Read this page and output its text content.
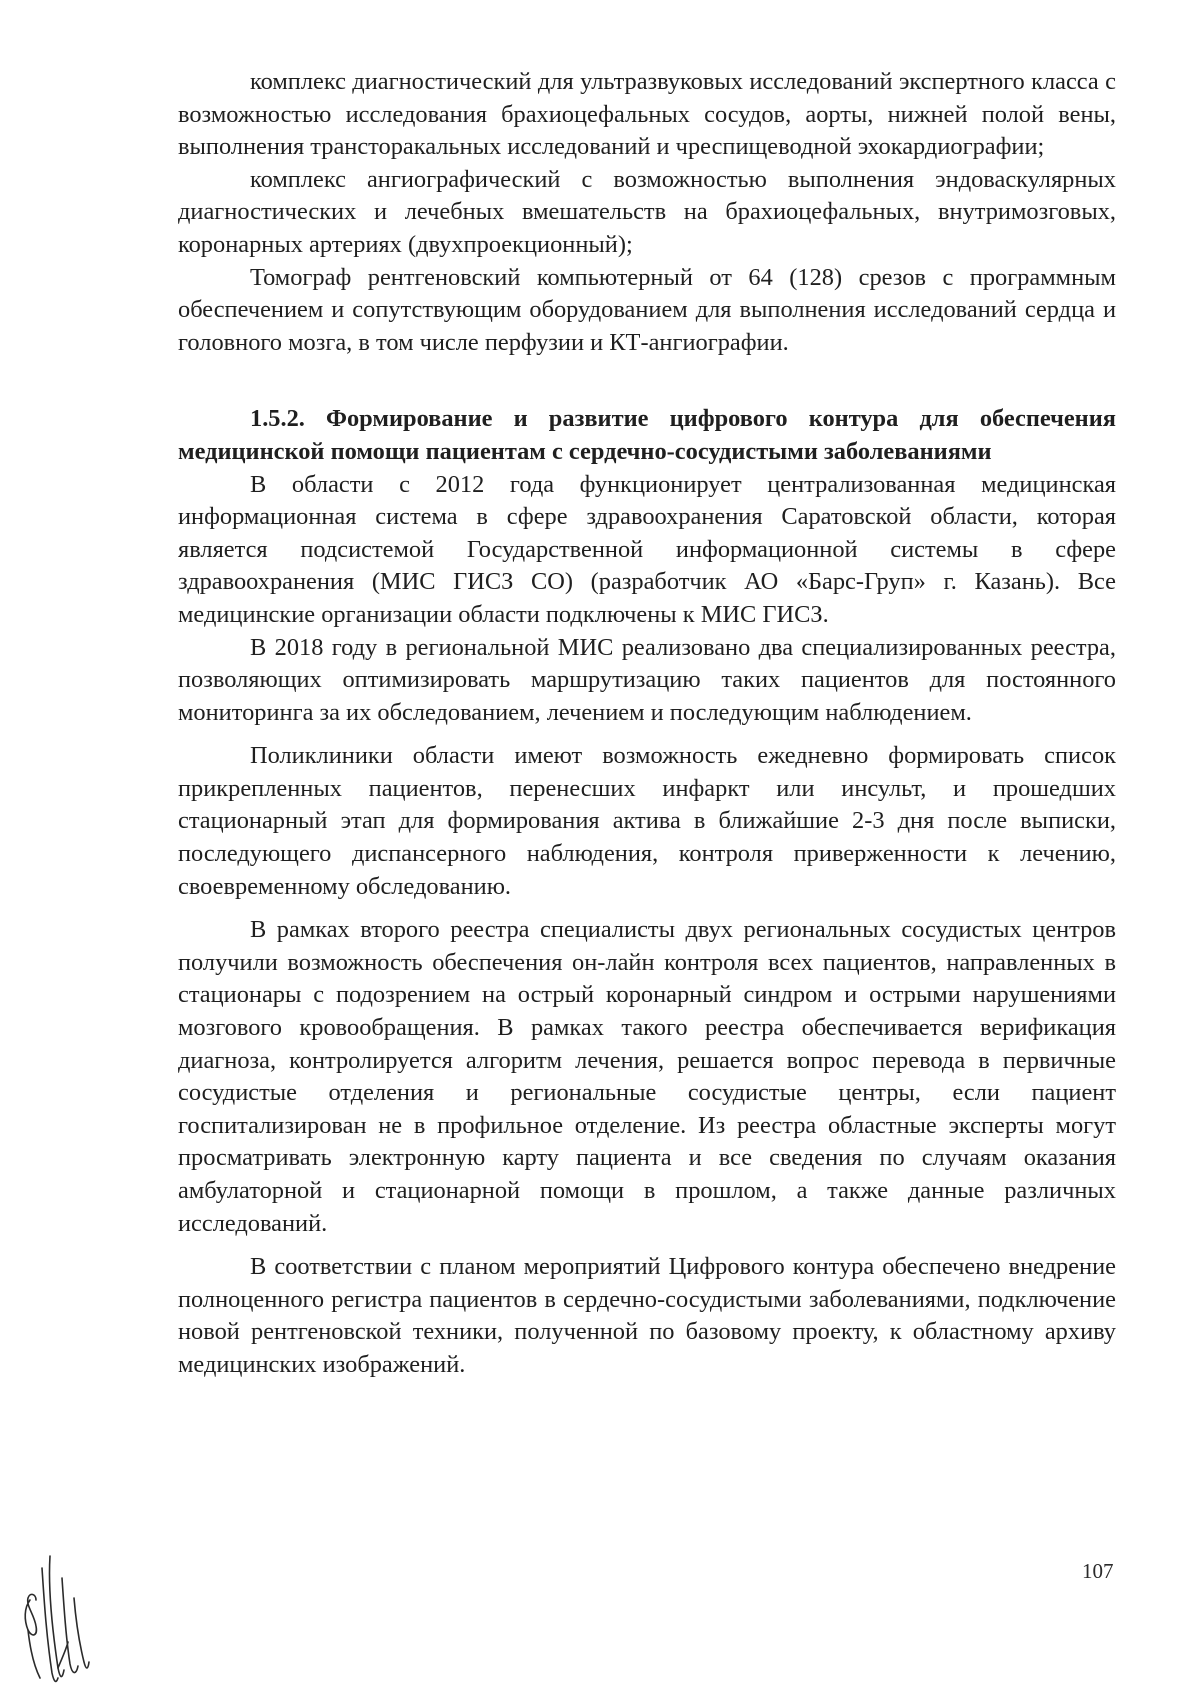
комплекс диагностический для ультразвуковых исследований экспертного класса с возможностью исследования брахиоцефальных сосудов, аорты, нижней полой вены, выполнения трансторакальных исследований и чреспищеводной эхокардиографии;

комплекс ангиографический с возможностью выполнения эндоваскулярных диагностических и лечебных вмешательств на брахиоцефальных, внутримозговых, коронарных артериях (двухпроекционный);

Томограф рентгеновский компьютерный от 64 (128) срезов с программным обеспечением и сопутствующим оборудованием для выполнения исследований сердца и головного мозга, в том числе перфузии и КТ-ангиографии.

1.5.2. Формирование и развитие цифрового контура для обеспечения медицинской помощи пациентам с сердечно-сосудистыми заболеваниями

В области с 2012 года функционирует централизованная медицинская информационная система в сфере здравоохранения Саратовской области, которая является подсистемой Государственной информационной системы в сфере здравоохранения (МИС ГИСЗ СО) (разработчик АО «Барс-Груп» г. Казань). Все медицинские организации области подключены к МИС ГИСЗ.

В 2018 году в региональной МИС реализовано два специализированных реестра, позволяющих оптимизировать маршрутизацию таких пациентов для постоянного мониторинга за их обследованием, лечением и последующим наблюдением.

Поликлиники области имеют возможность ежедневно формировать список прикрепленных пациентов, перенесших инфаркт или инсульт, и прошедших стационарный этап для формирования актива в ближайшие 2-3 дня после выписки, последующего диспансерного наблюдения, контроля приверженности к лечению, своевременному обследованию.

В рамках второго реестра специалисты двух региональных сосудистых центров получили возможность обеспечения он-лайн контроля всех пациентов, направленных в стационары с подозрением на острый коронарный синдром и острыми нарушениями мозгового кровообращения. В рамках такого реестра обеспечивается верификация диагноза, контролируется алгоритм лечения, решается вопрос перевода в первичные сосудистые отделения и региональные сосудистые центры, если пациент госпитализирован не в профильное отделение. Из реестра областные эксперты могут просматривать электронную карту пациента и все сведения по случаям оказания амбулаторной и стационарной помощи в прошлом, а также данные различных исследований.

В соответствии с планом мероприятий Цифрового контура обеспечено внедрение полноценного регистра пациентов в сердечно-сосудистыми заболеваниями, подключение новой рентгеновской техники, полученной по базовому проекту, к областному архиву медицинских изображений.

107
